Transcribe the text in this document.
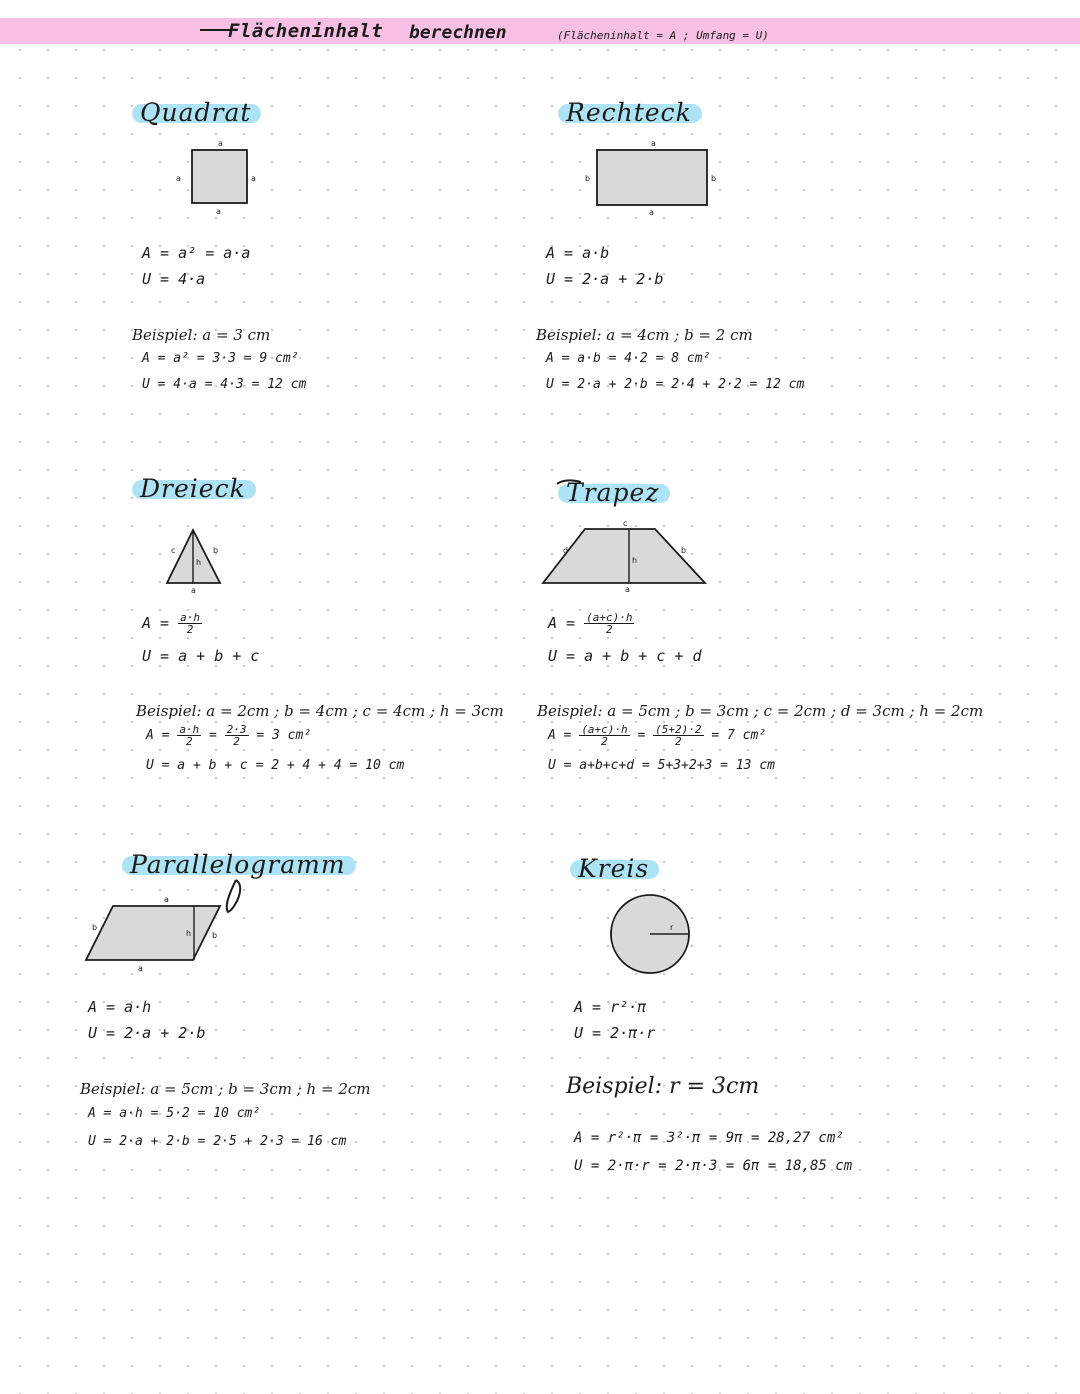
Flächeninhalt berechnen	(Flächeninhalt = A ; Umfang = U)
Quadrat
a
a	a
a
A = a² = a·a
U = 4·a
Beispiel: a = 3 cm
A = a² = 3·3 = 9 cm²
U = 4·a = 4·3 = 12 cm
Rechteck
a
b	b
a
A = a·b
U = 2·a + 2·b
Beispiel: a = 4cm ; b = 2 cm
A = a·b = 4·2 = 8 cm²
U = 2·a + 2·b = 2·4 + 2·2 = 12 cm
Dreieck
c	b
h
a
$A = \frac{a\cdot h}{2}$
U = a + b + c
Beispiel: a = 2cm ; b = 4cm ; c = 4cm ; h = 3cm
$A = \frac{a\cdot h}{2} = \frac{2\cdot 3}{2} = 3$ cm²
U = a + b + c = 2 + 4 + 4 = 10 cm
Trapez
c
d	b
h
a
$A = \frac{(a+c)\cdot h}{2}$
U = a + b + c + d
Beispiel: a = 5cm ; b = 3cm ; c = 2cm ; d = 3cm ; h = 2cm
$A = \frac{(a+c)\cdot h}{2} = \frac{(5+2)\cdot 2}{2} = 7$ cm²
U = a+b+c+d = 5+3+2+3 = 13 cm
Parallelogramm
a
b
h	b
a
A = a·h
U = 2·a + 2·b
Beispiel: a = 5cm ; b = 3cm ; h = 2cm
A = a·h = 5·2 = 10 cm²
U = 2·a + 2·b = 2·5 + 2·3 = 16 cm
Kreis
r
A = r²·π
U = 2·π·r
Beispiel: r = 3cm
A = r²·π = 3²·π = 9π = 28,27 cm²
U = 2·π·r = 2·π·3 = 6π = 18,85 cm
